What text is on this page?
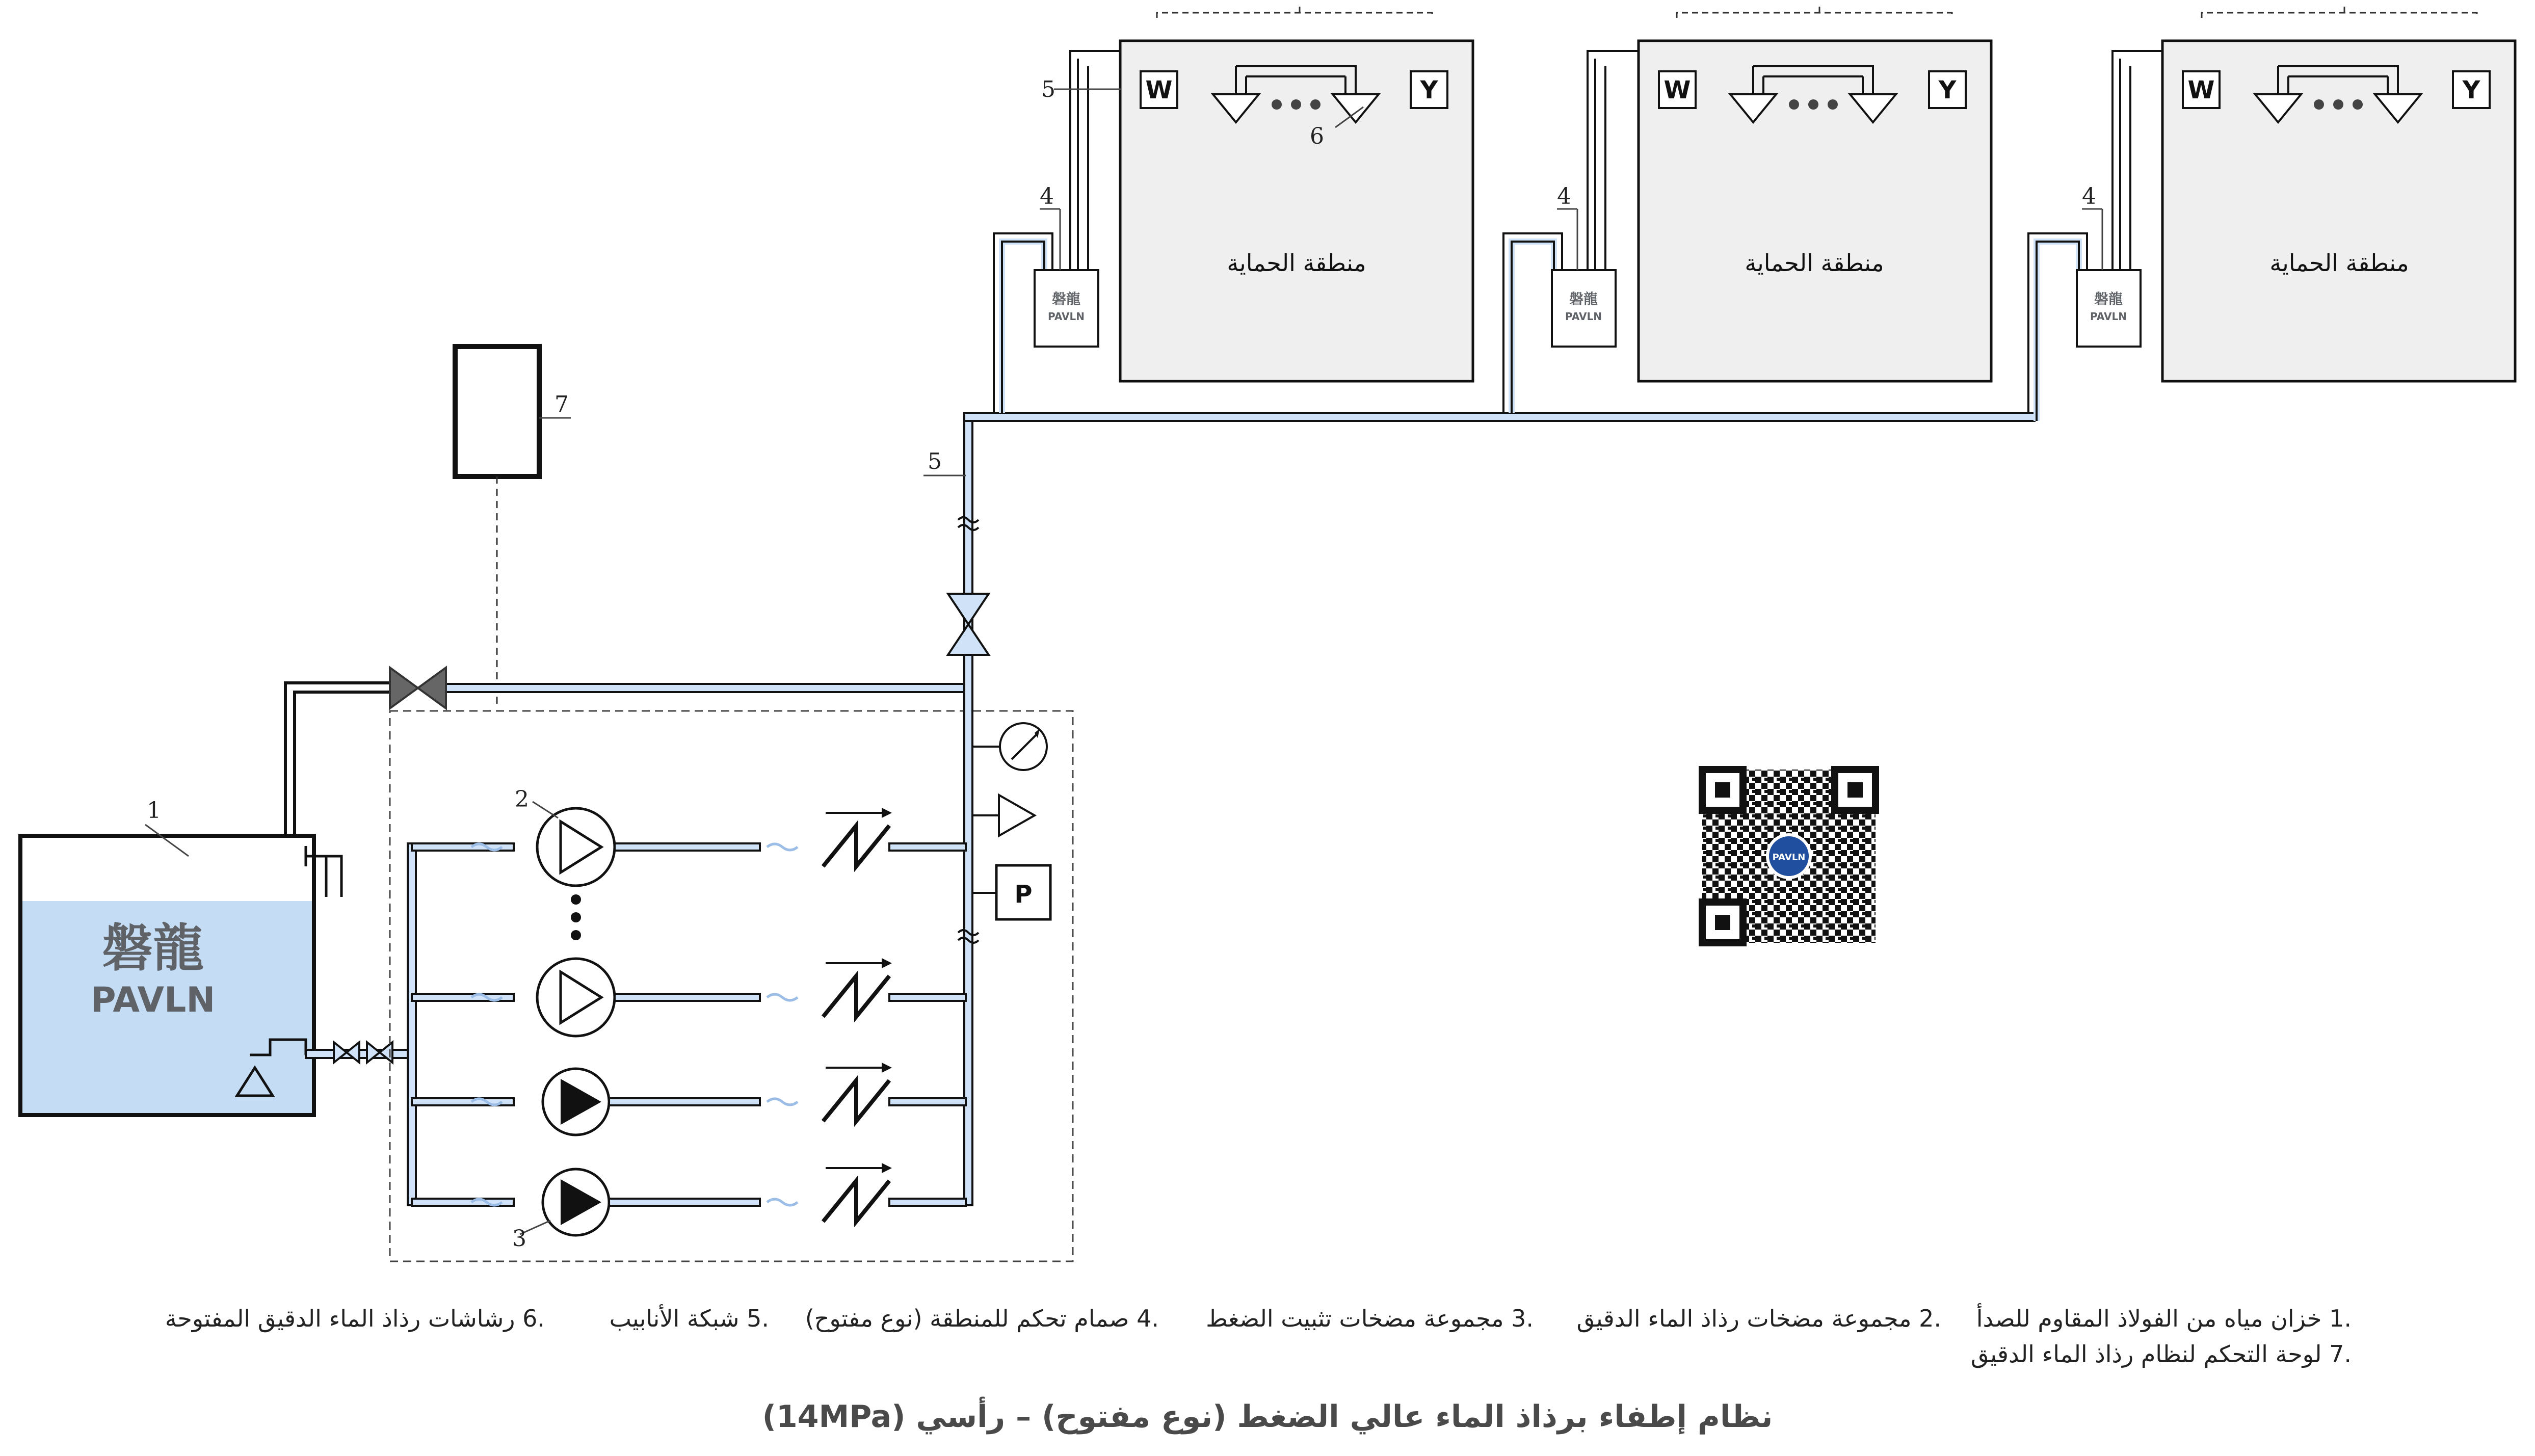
磐龍
PAVLN
1
7
2
3
P
5
磐龍
PAVLN
4
W	Y
منطقة الحماية
5
6
磐龍
PAVLN
4
W	Y
منطقة الحماية
磐龍
PAVLN
4
W	Y
منطقة الحماية
PAVLN
.1 خزان مياه من الفولاذ المقاوم للصدأ
.2 مجموعة مضخات رذاذ الماء الدقيق
.3 مجموعة مضخات تثبيت الضغط
.4 صمام تحكم للمنطقة (نوع مفتوح)
.5 شبكة الأنابيب
.6 رشاشات رذاذ الماء الدقيق المفتوحة
.7 لوحة التحكم لنظام رذاذ الماء الدقيق
نظام إطفاء برذاذ الماء عالي الضغط (نوع مفتوح) – رأسي (14MPa)
